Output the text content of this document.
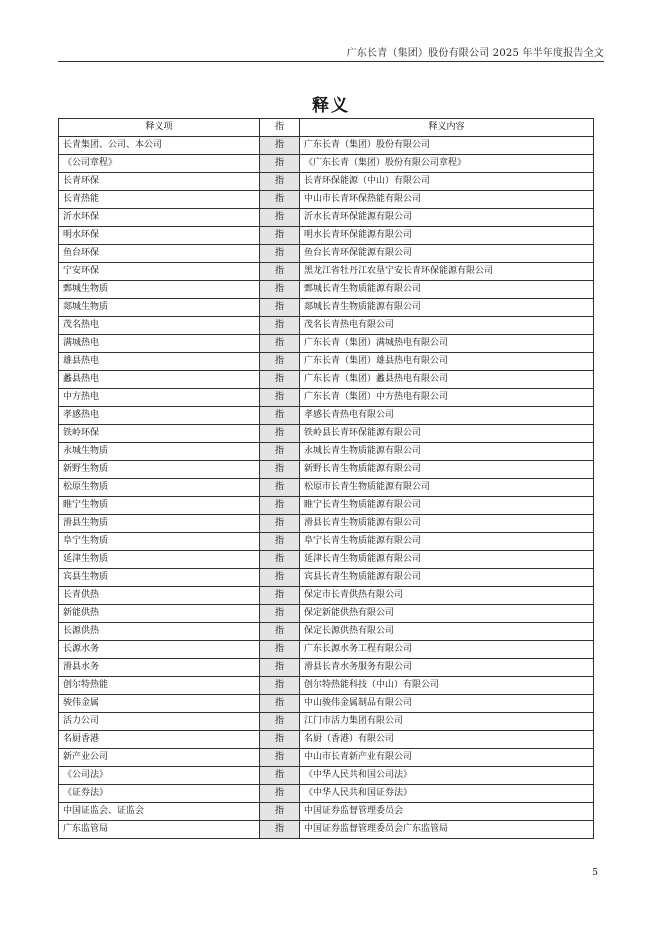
广东长青（集团）股份有限公司 2025 年半年度报告全文
释义
释义项	指	释义内容
长青集团、公司、本公司	指	广东长青（集团）股份有限公司
《公司章程》	指	《广东长青（集团）股份有限公司章程》
长青环保	指	长青环保能源（中山）有限公司
长青热能	指	中山市长青环保热能有限公司
沂水环保	指	沂水长青环保能源有限公司
明水环保	指	明水长青环保能源有限公司
鱼台环保	指	鱼台长青环保能源有限公司
宁安环保	指	黑龙江省牡丹江农垦宁安长青环保能源有限公司
鄄城生物质	指	鄄城长青生物质能源有限公司
郯城生物质	指	郯城长青生物质能源有限公司
茂名热电	指	茂名长青热电有限公司
满城热电	指	广东长青（集团）满城热电有限公司
雄县热电	指	广东长青（集团）雄县热电有限公司
蠡县热电	指	广东长青（集团）蠡县热电有限公司
中方热电	指	广东长青（集团）中方热电有限公司
孝感热电	指	孝感长青热电有限公司
铁岭环保	指	铁岭县长青环保能源有限公司
永城生物质	指	永城长青生物质能源有限公司
新野生物质	指	新野长青生物质能源有限公司
松原生物质	指	松原市长青生物质能源有限公司
睢宁生物质	指	睢宁长青生物质能源有限公司
滑县生物质	指	滑县长青生物质能源有限公司
阜宁生物质	指	阜宁长青生物质能源有限公司
延津生物质	指	延津长青生物质能源有限公司
宾县生物质	指	宾县长青生物质能源有限公司
长青供热	指	保定市长青供热有限公司
新能供热	指	保定新能供热有限公司
长源供热	指	保定长源供热有限公司
长源水务	指	广东长源水务工程有限公司
滑县水务	指	滑县长青水务服务有限公司
创尔特热能	指	创尔特热能科技（中山）有限公司
骏伟金属	指	中山骏伟金属制品有限公司
活力公司	指	江门市活力集团有限公司
名厨香港	指	名厨（香港）有限公司
新产业公司	指	中山市长青新产业有限公司
《公司法》	指	《中华人民共和国公司法》
《证券法》	指	《中华人民共和国证券法》
中国证监会、证监会	指	中国证券监督管理委员会
广东监管局	指	中国证券监督管理委员会广东监管局
5
